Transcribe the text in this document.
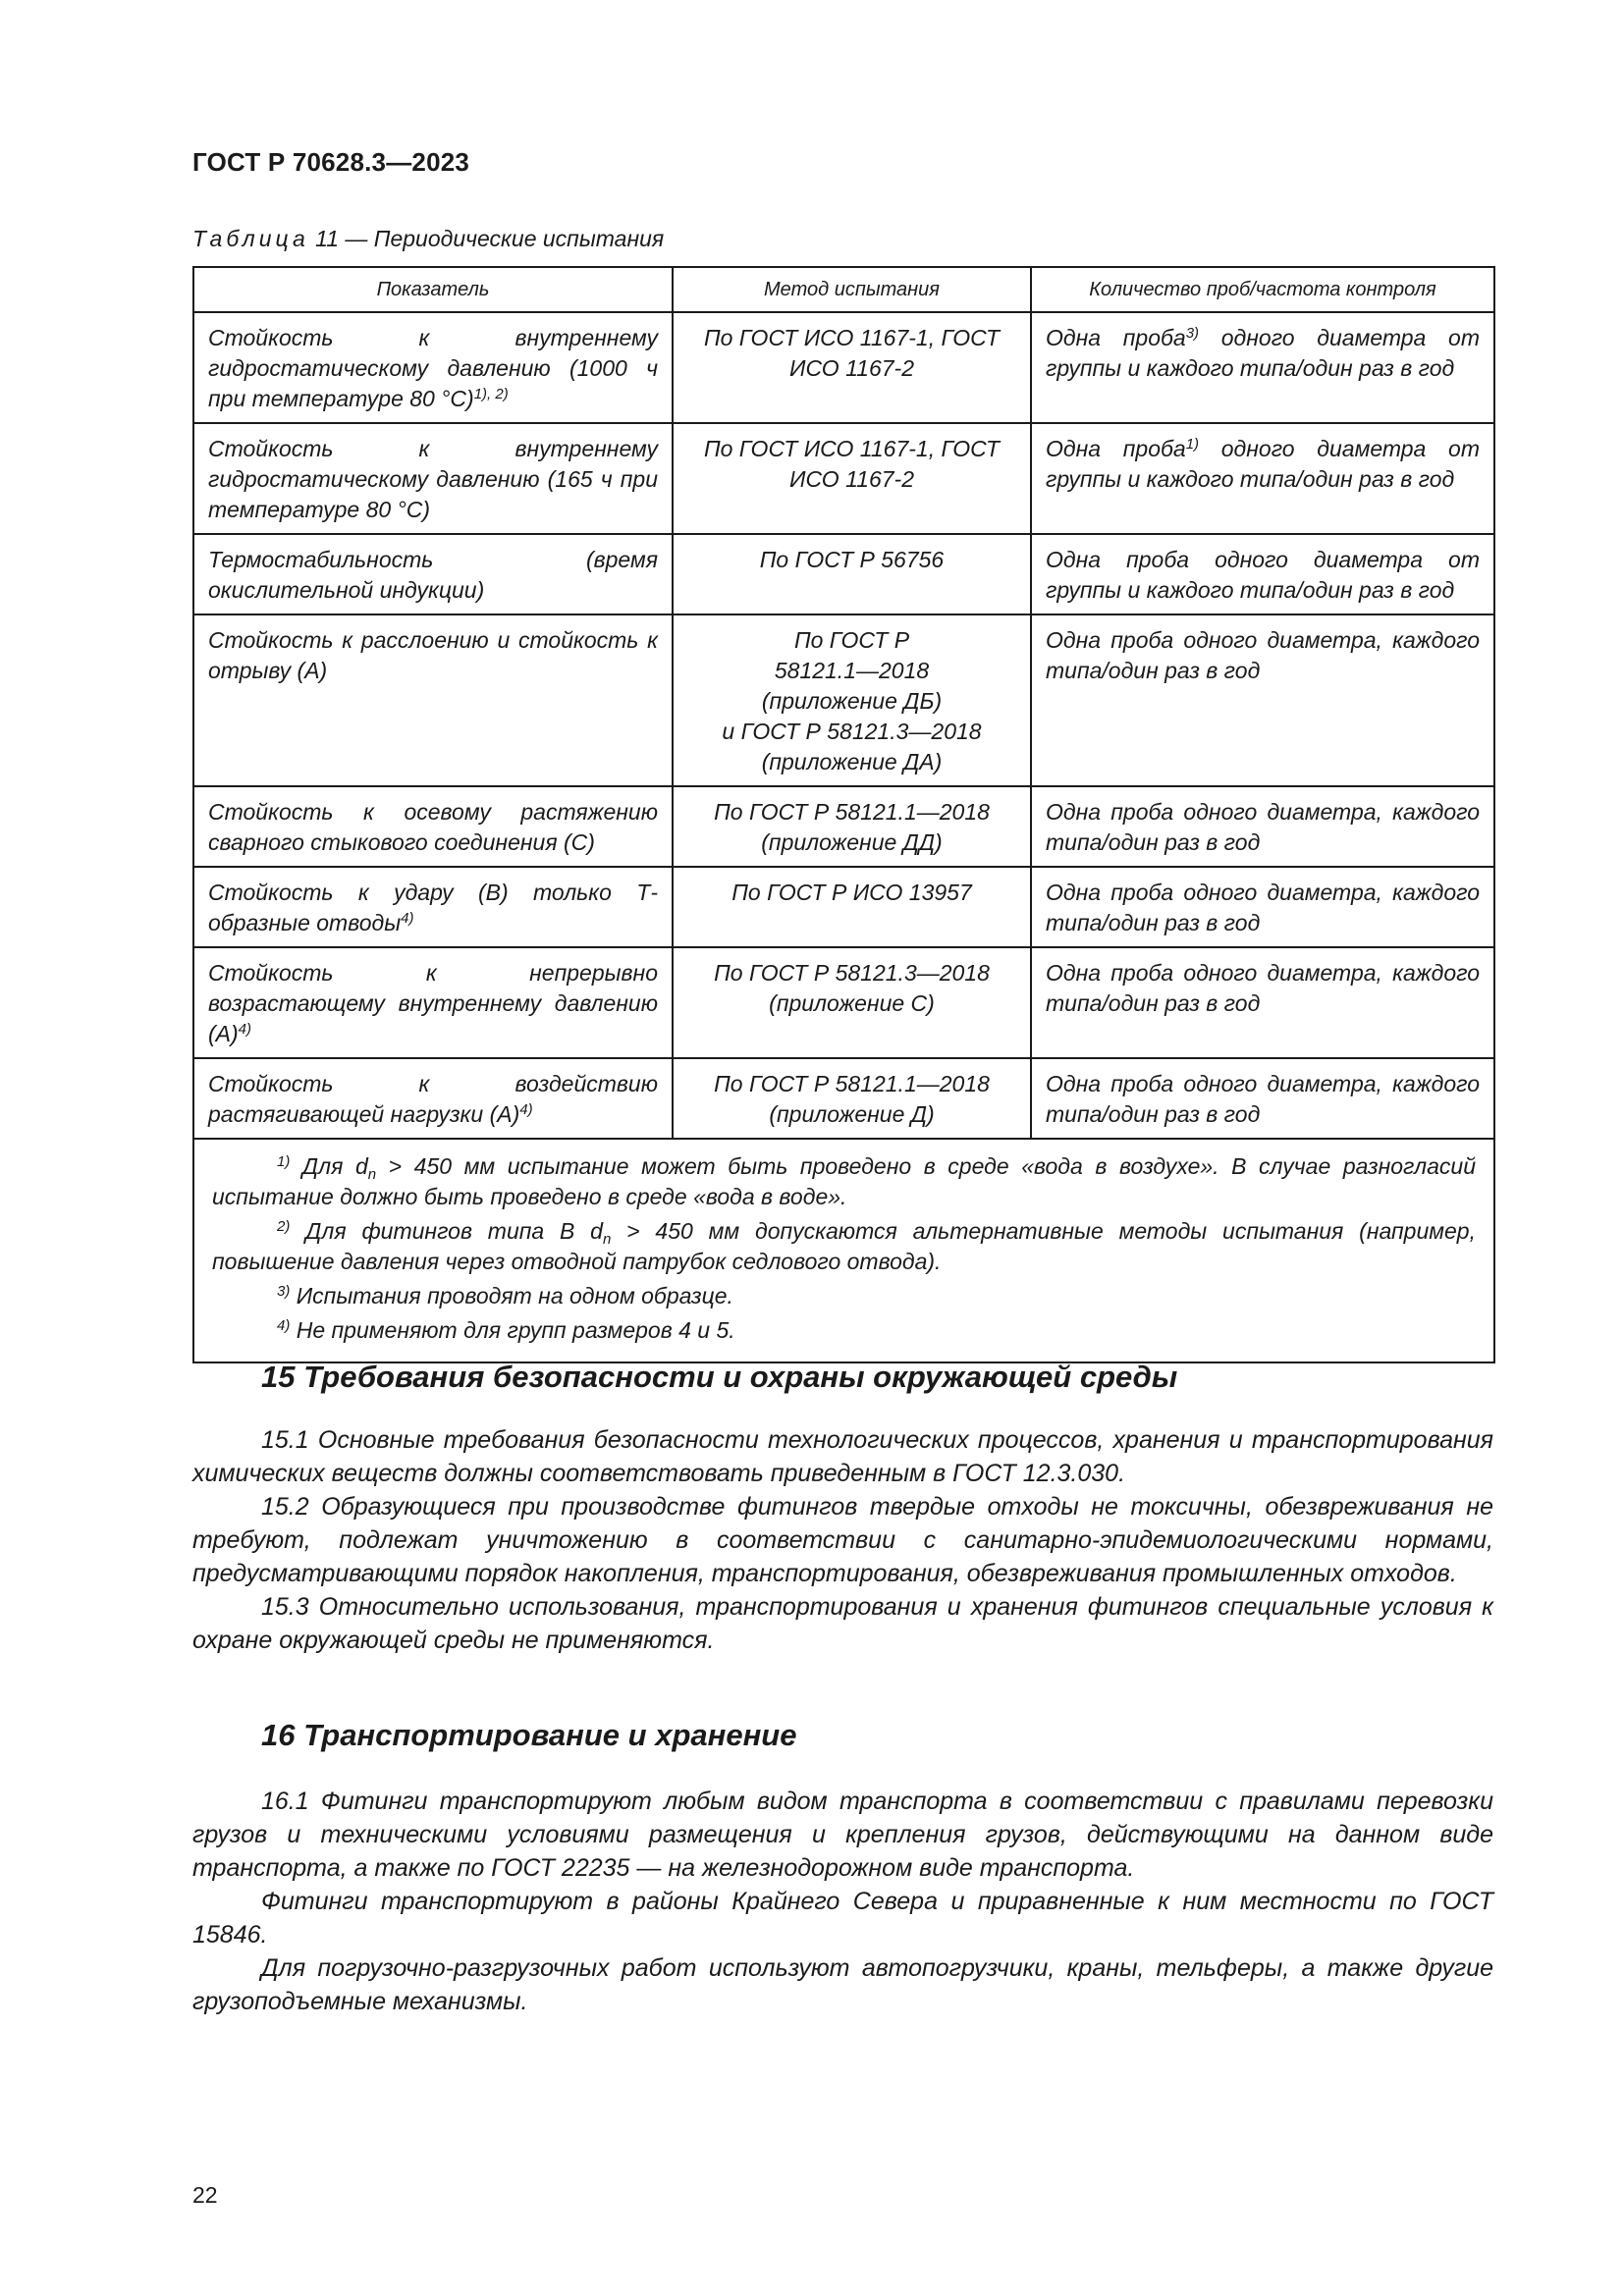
ГОСТ Р 70628.3—2023
Таблица 11 — Периодические испытания
Показатель	Метод испытания	Количество проб/частота контроля
Стойкость к внутреннему гидростатическому давлению (1000 ч при температуре 80 °C)$^{1), 2)}$	По ГОСТ ИСО 1167-1, ГОСТ ИСО 1167-2	Одна проба$^{3)}$ одного диаметра от группы и каждого типа/один раз в год
Стойкость к внутреннему гидростатическому давлению (165 ч при температуре 80 °C)	По ГОСТ ИСО 1167-1, ГОСТ ИСО 1167-2	Одна проба$^{1)}$ одного диаметра от группы и каждого типа/один раз в год
Термостабильность (время окислительной индукции)	По ГОСТ Р 56756	Одна проба одного диаметра от группы и каждого типа/один раз в год
Стойкость к расслоению и стойкость к отрыву (A)	По ГОСТ Р
58121.1—2018
(приложение ДБ)
и ГОСТ Р 58121.3—2018
(приложение ДА)	Одна проба одного диаметра, каждого типа/один раз в год
Стойкость к осевому растяжению сварного стыкового соединения (C)	По ГОСТ Р 58121.1—2018
(приложение ДД)	Одна проба одного диаметра, каждого типа/один раз в год
Стойкость к удару (B) только Т-образные отводы$^{4)}$	По ГОСТ Р ИСО 13957	Одна проба одного диаметра, каждого типа/один раз в год
Стойкость к непрерывно возрастающему внутреннему давлению $(A)^{4)}$	По ГОСТ Р 58121.3—2018
(приложение С)	Одна проба одного диаметра, каждого типа/один раз в год
Стойкость к воздействию растягивающей нагрузки $(A)^{4)}$	По ГОСТ Р 58121.1—2018
(приложение Д)	Одна проба одного диаметра, каждого типа/один раз в год

$^{1)}$ Для $d_n > 450$ мм испытание может быть проведено в среде «вода в воздухе». В случае разногласий испытание должно быть проведено в среде «вода в воде».

$^{2)}$ Для фитингов типа B $d_n > 450$ мм допускаются альтернативные методы испытания (например, повышение давления через отводной патрубок седлового отвода).

$^{3)}$ Испытания проводят на одном образце.

$^{4)}$ Не применяют для групп размеров 4 и 5.		

15 Требования безопасности и охраны окружающей среды

15.1 Основные требования безопасности технологических процессов, хранения и транспортирования химических веществ должны соответствовать приведенным в ГОСТ 12.3.030.

15.2 Образующиеся при производстве фитингов твердые отходы не токсичны, обезвреживания не требуют, подлежат уничтожению в соответствии с санитарно-эпидемиологическими нормами, предусматривающими порядок накопления, транспортирования, обезвреживания промышленных отходов.

15.3 Относительно использования, транспортирования и хранения фитингов специальные условия к охране окружающей среды не применяются.

16 Транспортирование и хранение

16.1 Фитинги транспортируют любым видом транспорта в соответствии с правилами перевозки грузов и техническими условиями размещения и крепления грузов, действующими на данном виде транспорта, а также по ГОСТ 22235 — на железнодорожном виде транспорта.

Фитинги транспортируют в районы Крайнего Севера и приравненные к ним местности по ГОСТ 15846.

Для погрузочно-разгрузочных работ используют автопогрузчики, краны, тельферы, а также другие грузоподъемные механизмы.

22
